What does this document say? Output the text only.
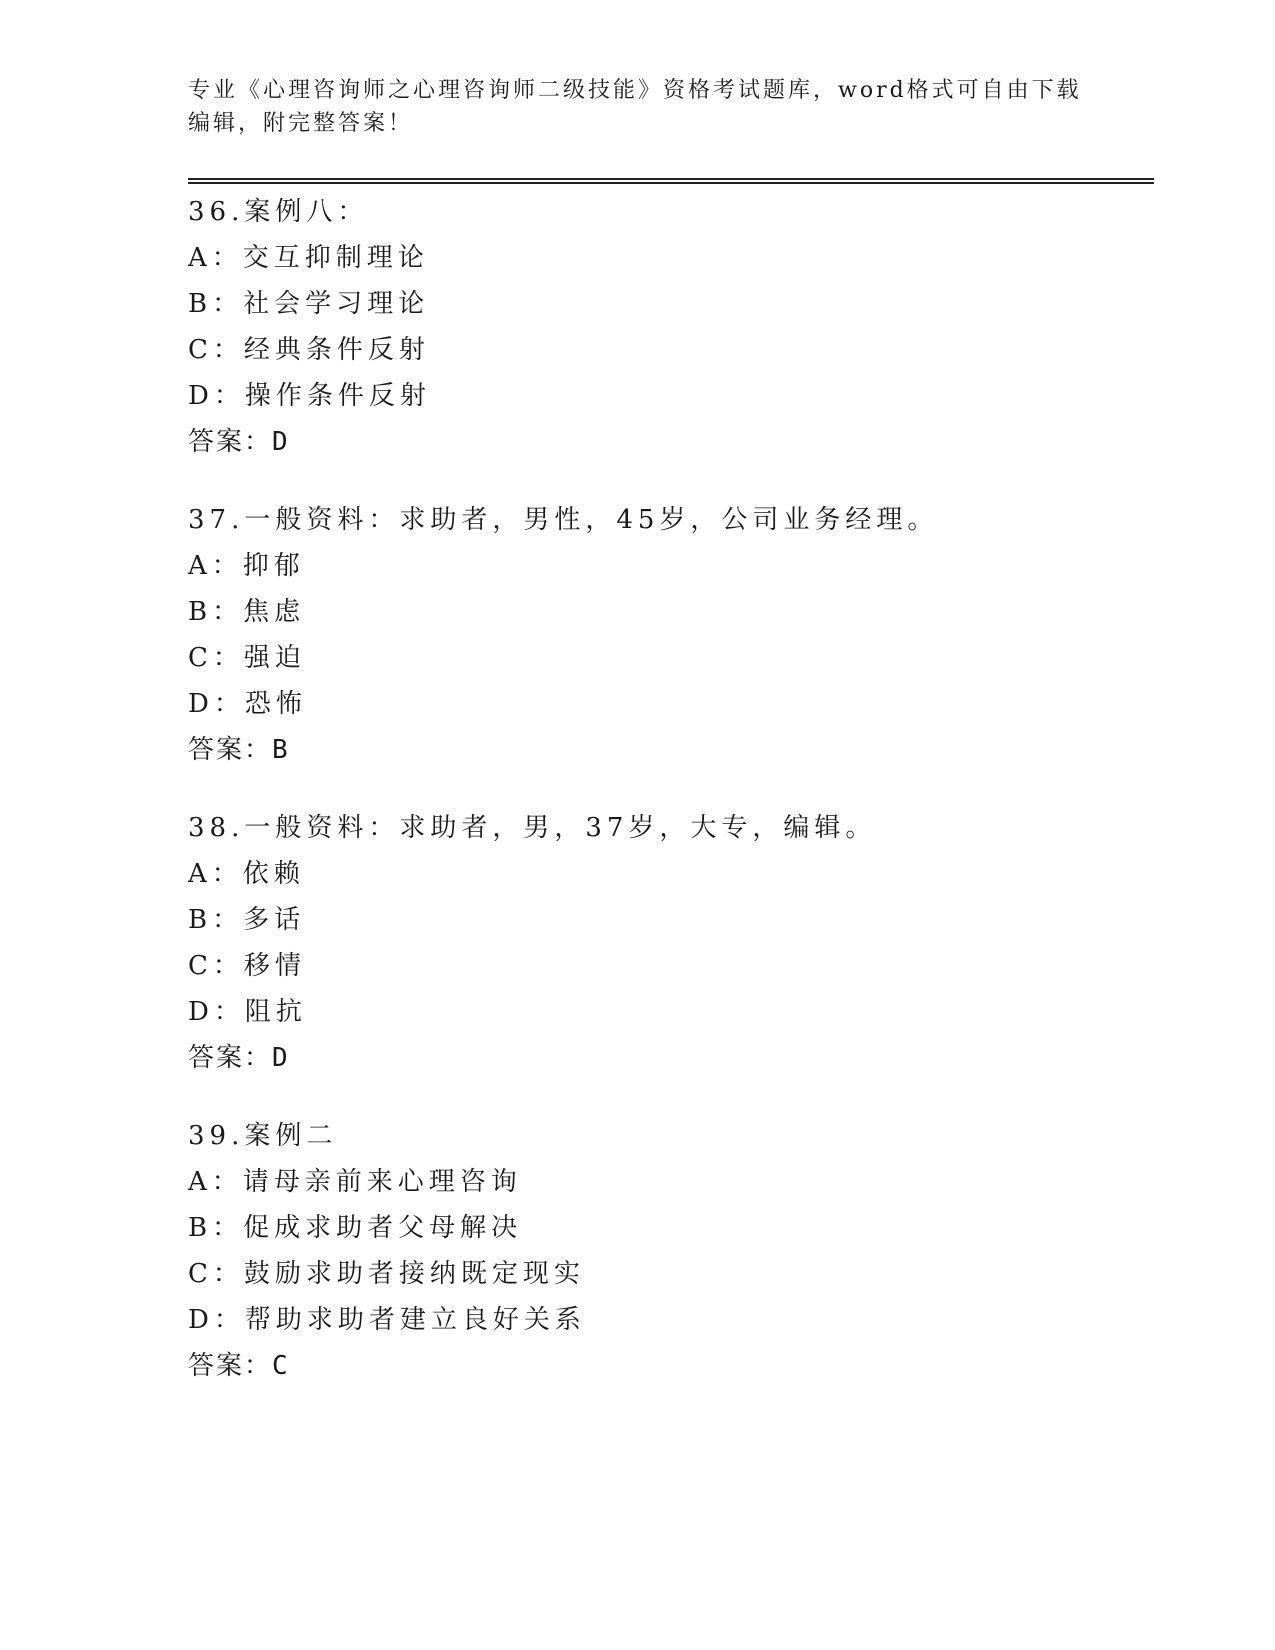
专业《心理咨询师之心理咨询师二级技能》资格考试题库，word格式可自由下载编辑，附完整答案！
36.案例八：
A：交互抑制理论
B：社会学习理论
C：经典条件反射
D：操作条件反射
答案：D
37.一般资料：求助者，男性，45岁，公司业务经理。
A：抑郁
B：焦虑
C：强迫
D：恐怖
答案：B
38.一般资料：求助者，男，37岁，大专，编辑。
A：依赖
B：多话
C：移情
D：阻抗
答案：D
39.案例二
A：请母亲前来心理咨询
B：促成求助者父母解决
C：鼓励求助者接纳既定现实
D：帮助求助者建立良好关系
答案：C
